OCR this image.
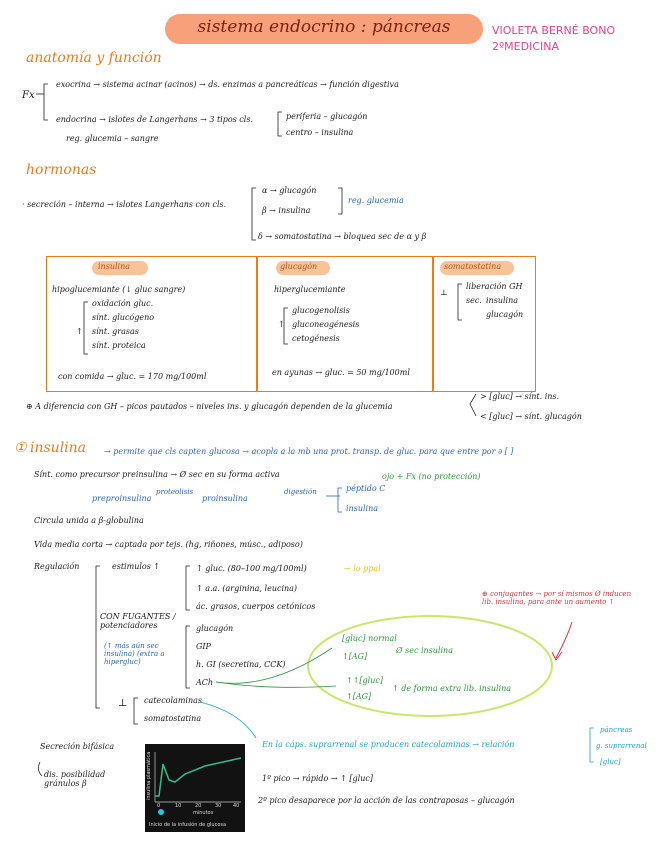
sistema endocrino : páncreas	VIOLETA BERNÉ BONO
2ºMEDICINA
anatomía y función
Fx
exocrina → sistema acinar (acinos) → ds. enzimas a pancreáticas → función digestiva
endocrina → islotes de Langerhans → 3 tipos cls.	periferia – glucagón
centro – insulina
reg. glucemia – sangre
hormonas
· secreción – interna → islotes Langerhans con cls.
α → glucagón
β → insulina
reg. glucemia
δ → somatostatina → bloquea sec de α y β
insulina	glucagón	somatostatina
hipoglucemiante (↓ gluc sangre)
oxidación gluc.
sínt. glucógeno
↑ sínt. grasas
sínt. proteica
con comida → gluc. = 170 mg/100ml
hiperglucemiante
↑
glucogenolisis
gluconeogénesis
cetogénesis
en ayunas → gluc. = 50 mg/100ml
⊥
liberación GH
sec. insulina
glucagón
⊕ A diferencia con GH – picos pautados – niveles ins. y glucagón dependen de la glucemia
> [gluc] → sínt. ins.
< [gluc] → sínt. glucagón
① insulina → permite que cls capten glucosa → acopla a la mb una prot. transp. de gluc. para que entre por ∂ [ ]
Sínt. como precursor preinsulina → Ø sec en su forma activa	ojo + Fx (no protección)
preproinsulina
proteolisis
proinsulina
digestión	péptido C
insulina
Circula unida a β-globulina
Vida media corta → captada por tejs. (hg, riñones, músc., adiposo)
Regulación	estimulos ↑	↑ gluc. (80–100 mg/100ml)	→ lo ppal
↑ a.a. (arginina, leucina)
ác. grasos, cuerpos cetónicos
CON FUGANTES / potenciadores
(↑ más aún sec insulina) (extra a hipergluc)
glucagón
GIP
h. GI (secretina, CCK)
ACh
[gluc] normal
↑[AG]
Ø sec insulina
↑↑[gluc]
↑[AG]
↑ de forma extra lib. insulina
⊕ conjugantes → por sí mismos Ø inducen lib. insulina, para ante un aumento ↑
⊥ catecolaminas
somatostatina
En la cáps. suprarrenal se producen catecolaminas → relación
páncreas
g. suprarrenal
[gluc]
Secreción bifásica
dis. posibilidad gránulos β
1º pico → rápido → ↑ [gluc]
2º pico desaparece por la acción de las contraposas – glucagón
insulina plasmática
minutos
Inicio de la infusión de glucosa
0	10	20	30 40
